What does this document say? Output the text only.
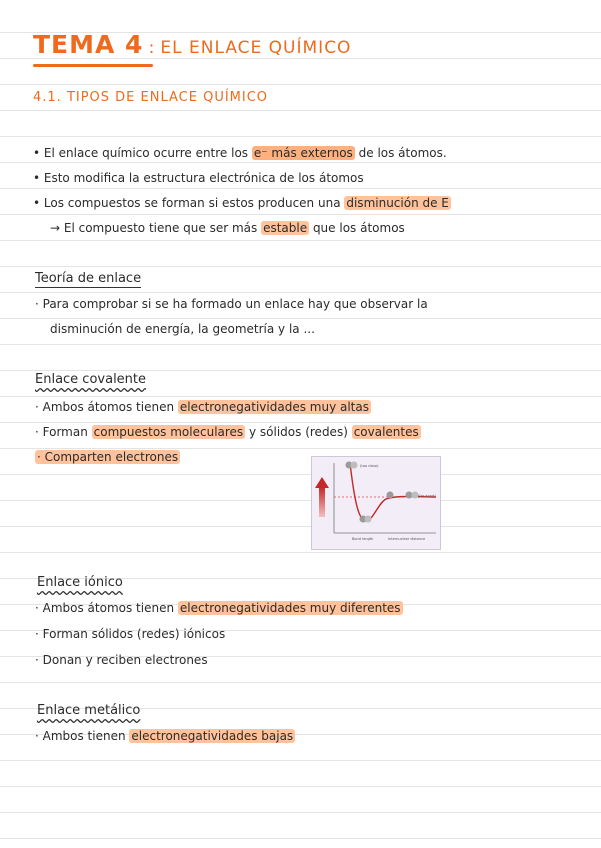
TEMA 4 : EL ENLACE QUÍMICO
4.1. TIPOS DE ENLACE QUÍMICO
• El enlace químico ocurre entre los e⁻ más externos de los átomos.
• Esto modifica la estructura electrónica de los átomos
• Los compuestos se forman si estos producen una disminución de E
→ El compuesto tiene que ser más estable que los átomos
Teoría de enlace
· Para comprobar si se ha formado un enlace hay que observar la
disminución de energía, la geometría y la ...
Enlace covalente
· Ambos átomos tienen electronegatividades muy altas
· Forman compuestos moleculares y sólidos (redes) covalentes
· Comparten electrones
(too close)
(far apart)
Bond length	Internuclear distance
Enlace iónico
· Ambos átomos tienen electronegatividades muy diferentes
· Forman sólidos (redes) iónicos
· Donan y reciben electrones
Enlace metálico
· Ambos tienen electronegatividades bajas
